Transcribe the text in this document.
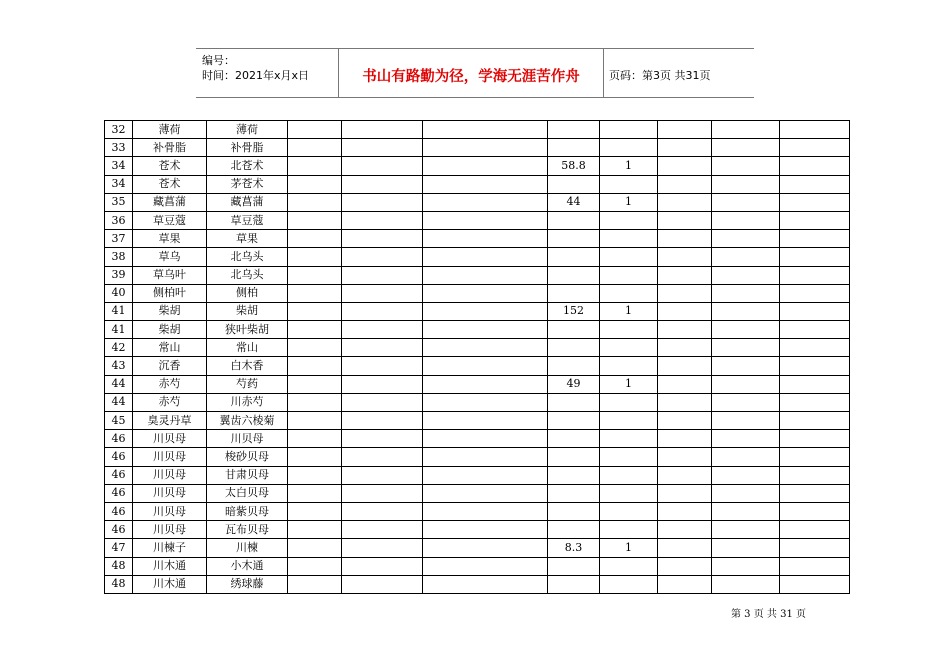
编号：
时间：2021年x月x日	书山有路勤为径，学海无涯苦作舟	页码：第3页 共31页
32	薄荷	薄荷								
33	补骨脂	补骨脂								
34	苍术	北苍术				58.8	1			
34	苍术	茅苍术								
35	藏菖蒲	藏菖蒲				44	1			
36	草豆蔻	草豆蔻								
37	草果	草果								
38	草乌	北乌头								
39	草乌叶	北乌头								
40	侧柏叶	侧柏								
41	柴胡	柴胡				152	1			
41	柴胡	狭叶柴胡								
42	常山	常山								
43	沉香	白木香								
44	赤芍	芍药				49	1			
44	赤芍	川赤芍								
45	臭灵丹草	翼齿六棱菊								
46	川贝母	川贝母								
46	川贝母	梭砂贝母								
46	川贝母	甘肃贝母								
46	川贝母	太白贝母								
46	川贝母	暗紫贝母								
46	川贝母	瓦布贝母								
47	川楝子	川楝				8.3	1			
48	川木通	小木通								
48	川木通	绣球藤								
第 3 页 共 31 页
